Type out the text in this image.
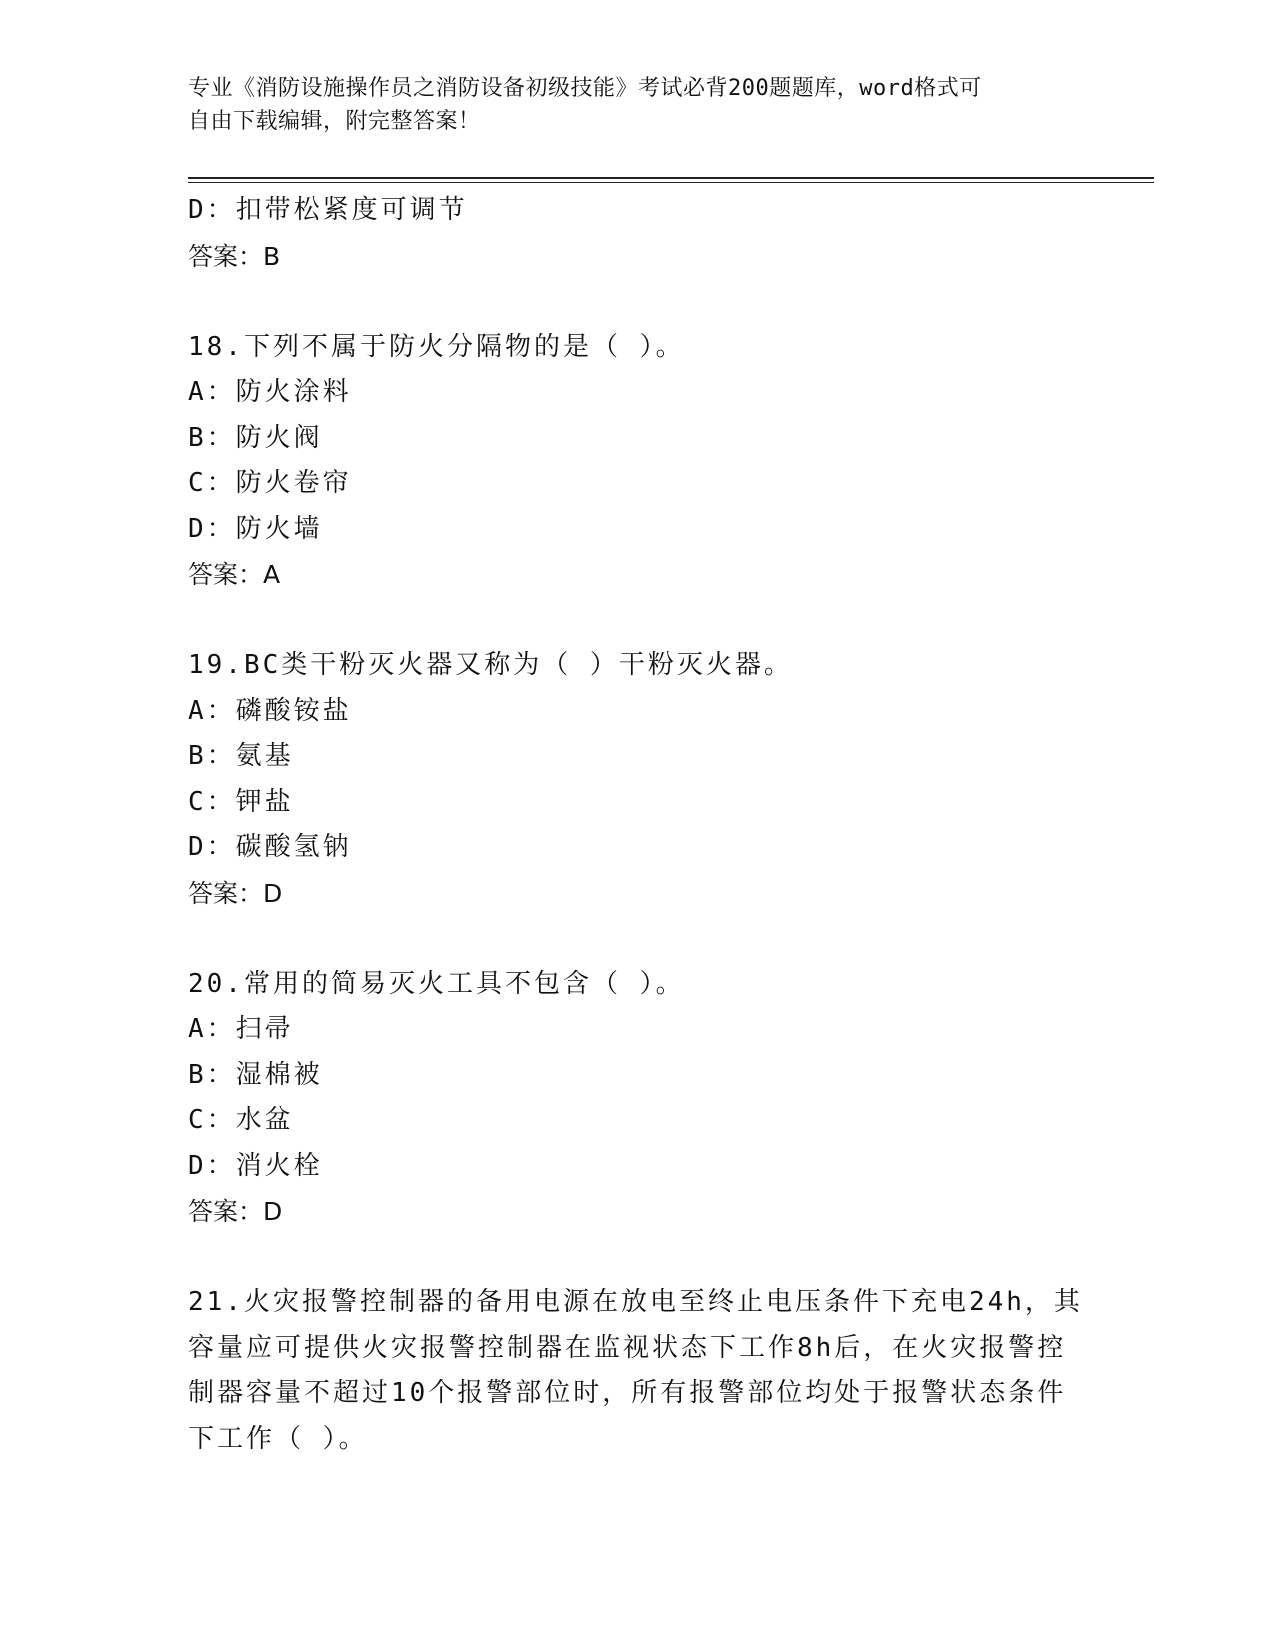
专业《消防设施操作员之消防设备初级技能》考试必背200题题库，word格式可
自由下载编辑，附完整答案！
D：扣带松紧度可调节
答案：B
18.下列不属于防火分隔物的是（ ）。
A：防火涂料
B：防火阀
C：防火卷帘
D：防火墙
答案：A
19.BC类干粉灭火器又称为（ ）干粉灭火器。
A：磷酸铵盐
B：氨基
C：钾盐
D：碳酸氢钠
答案：D
20.常用的简易灭火工具不包含（ ）。
A：扫帚
B：湿棉被
C：水盆
D：消火栓
答案：D
21.火灾报警控制器的备用电源在放电至终止电压条件下充电24h，其
容量应可提供火灾报警控制器在监视状态下工作8h后，在火灾报警控
制器容量不超过10个报警部位时，所有报警部位均处于报警状态条件
下工作（ ）。
